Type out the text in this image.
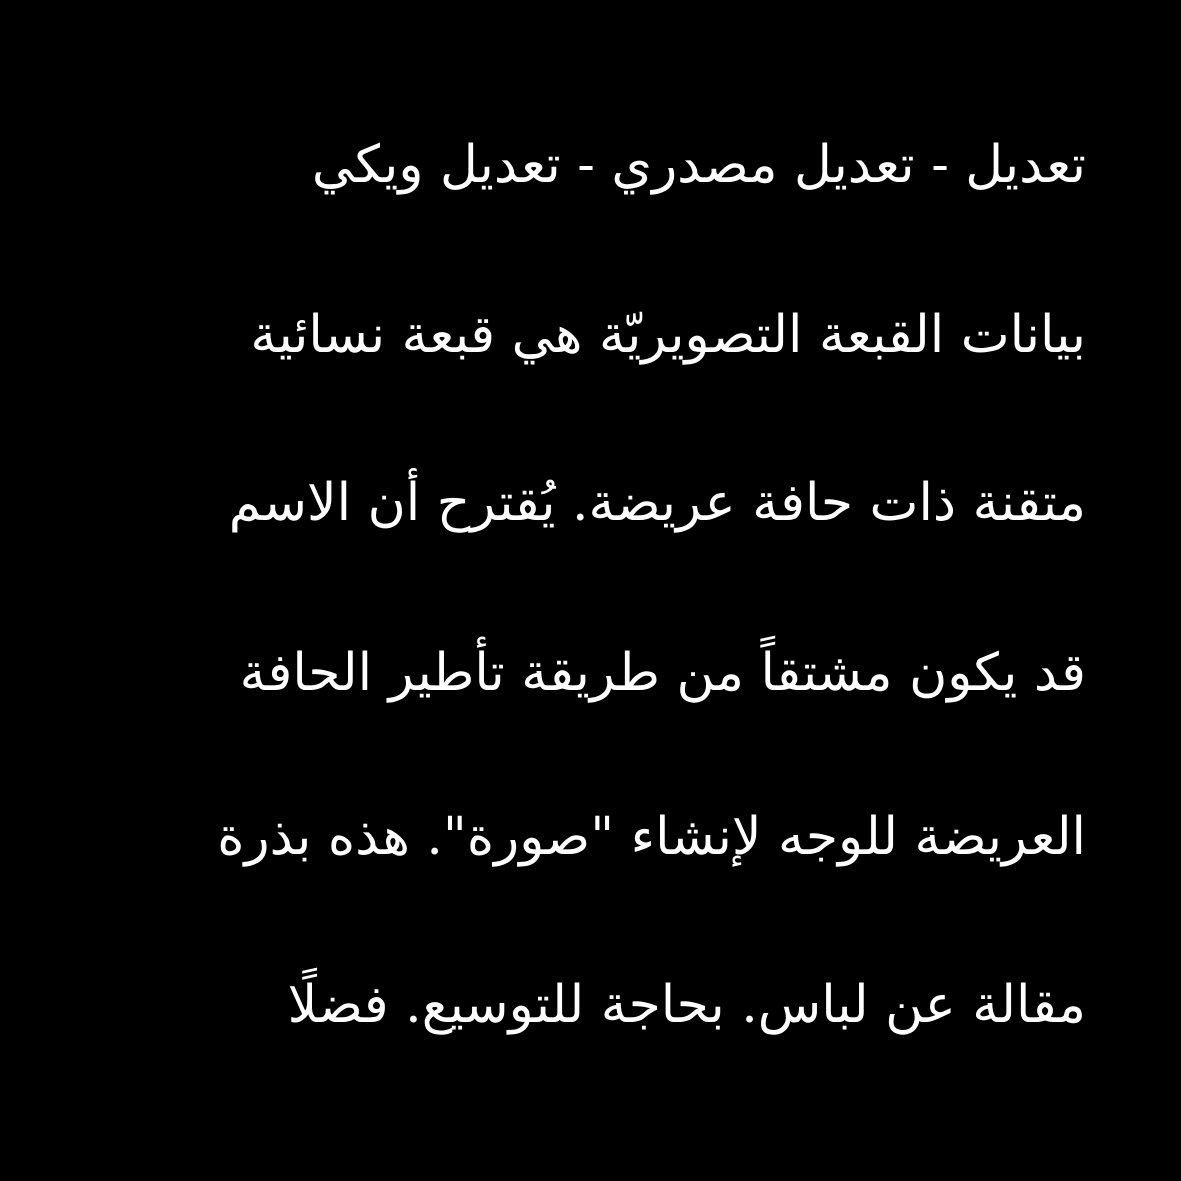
تعديل - تعديل مصدري - تعديل ويكي
بيانات القبعة التصويريّة هي قبعة نسائية
متقنة ذات حافة عريضة. يُقترح أن الاسم
قد يكون مشتقاً من طريقة تأطير الحافة
العريضة للوجه لإنشاء "صورة". هذه بذرة
مقالة عن لباس. بحاجة للتوسيع. فضلًا
